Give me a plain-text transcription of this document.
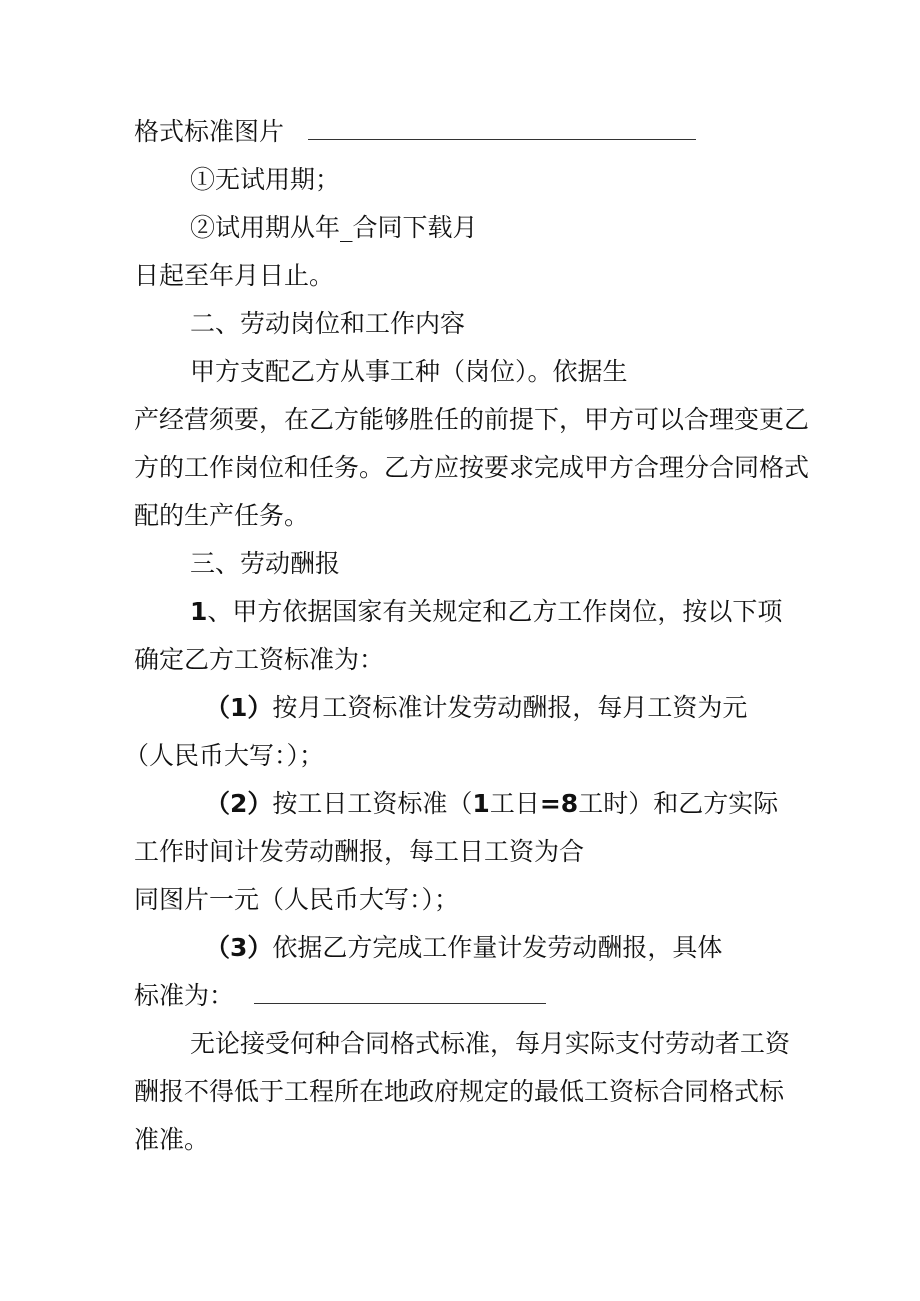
格式标准图片
①无试用期；
②试用期从年_合同下载月
日起至年月日止。
二、劳动岗位和工作内容
甲方支配乙方从事工种（岗位）。依据生
产经营须要，在乙方能够胜任的前提下，甲方可以合理变更乙
方的工作岗位和任务。乙方应按要求完成甲方合理分合同格式
配的生产任务。
三、劳动酬报
1、甲方依据国家有关规定和乙方工作岗位，按以下项
确定乙方工资标准为：
（1）按月工资标准计发劳动酬报，每月工资为元
（人民币大写：）；
（2）按工日工资标准（1工日=8工时）和乙方实际
工作时间计发劳动酬报，每工日工资为合
同图片一元（人民币大写：）；
（3）依据乙方完成工作量计发劳动酬报，具体
标准为：
无论接受何种合同格式标准，每月实际支付劳动者工资
酬报不得低于工程所在地政府规定的最低工资标合同格式标
准准。
